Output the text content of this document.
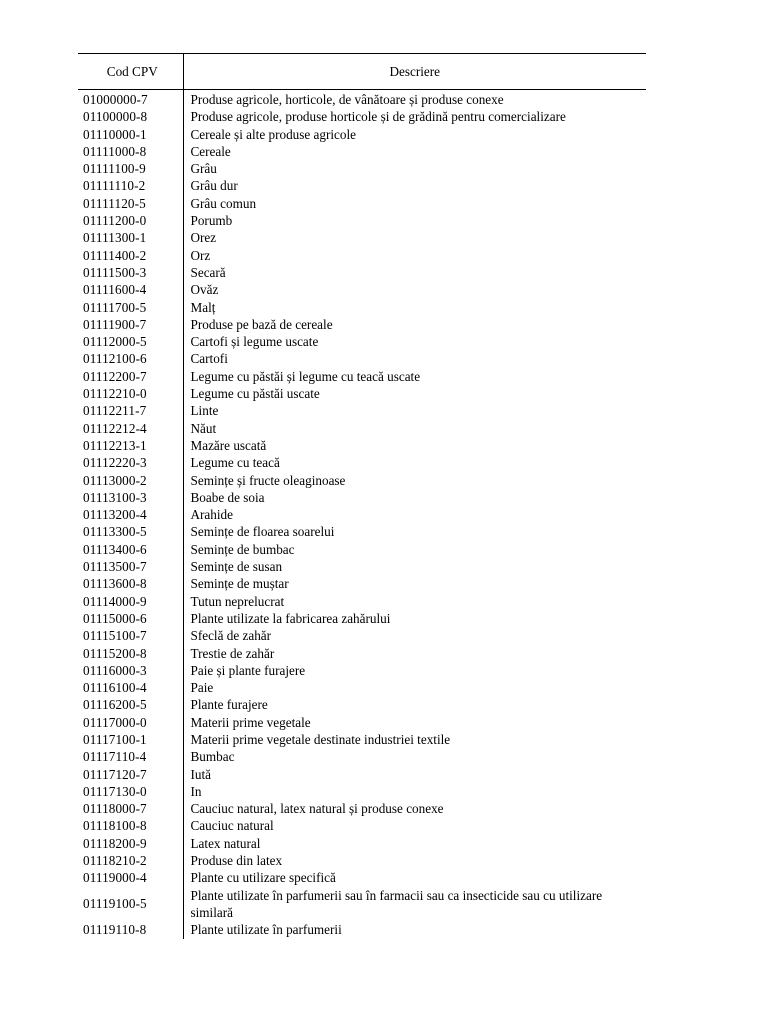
Cod CPV	Descriere
01000000-7	Produse agricole, horticole, de vânătoare și produse conexe
01100000-8	Produse agricole, produse horticole și de grădină pentru comercializare
01110000-1	Cereale și alte produse agricole
01111000-8	Cereale
01111100-9	Grâu
01111110-2	Grâu dur
01111120-5	Grâu comun
01111200-0	Porumb
01111300-1	Orez
01111400-2	Orz
01111500-3	Secară
01111600-4	Ovăz
01111700-5	Malț
01111900-7	Produse pe bază de cereale
01112000-5	Cartofi și legume uscate
01112100-6	Cartofi
01112200-7	Legume cu păstăi și legume cu teacă uscate
01112210-0	Legume cu păstăi uscate
01112211-7	Linte
01112212-4	Năut
01112213-1	Mazăre uscată
01112220-3	Legume cu teacă
01113000-2	Semințe și fructe oleaginoase
01113100-3	Boabe de soia
01113200-4	Arahide
01113300-5	Semințe de floarea soarelui
01113400-6	Semințe de bumbac
01113500-7	Semințe de susan
01113600-8	Semințe de muștar
01114000-9	Tutun neprelucrat
01115000-6	Plante utilizate la fabricarea zahărului
01115100-7	Sfeclă de zahăr
01115200-8	Trestie de zahăr
01116000-3	Paie și plante furajere
01116100-4	Paie
01116200-5	Plante furajere
01117000-0	Materii prime vegetale
01117100-1	Materii prime vegetale destinate industriei textile
01117110-4	Bumbac
01117120-7	Iută
01117130-0	In
01118000-7	Cauciuc natural, latex natural și produse conexe
01118100-8	Cauciuc natural
01118200-9	Latex natural
01118210-2	Produse din latex
01119000-4	Plante cu utilizare specifică
01119100-5	Plante utilizate în parfumerii sau în farmacii sau ca insecticide sau cu utilizare similară
01119110-8	Plante utilizate în parfumerii
